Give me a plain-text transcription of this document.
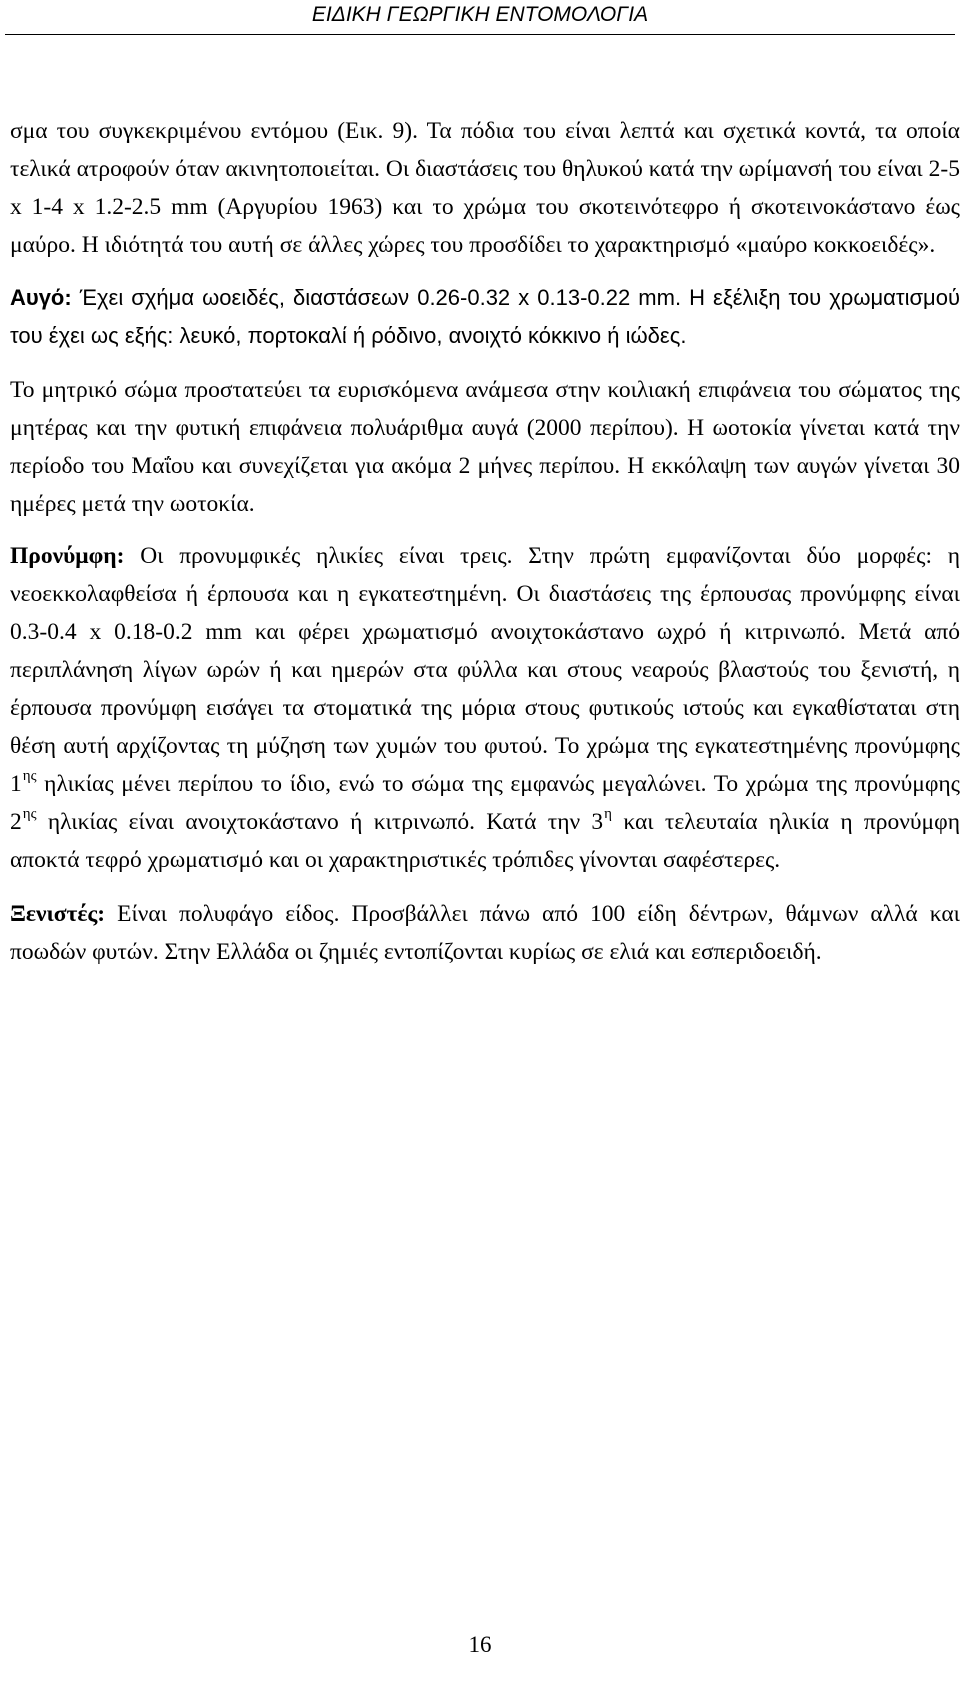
ΕΙΔΙΚΗ ΓΕΩΡΓΙΚΗ ΕΝΤΟΜΟΛΟΓΙΑ

σμα του συγκεκριμένου εντόμου (Εικ. 9). Τα πόδια του είναι λεπτά και σχετικά κοντά, τα οποία τελικά ατροφούν όταν ακινητοποιείται. Οι διαστάσεις του θηλυκού κατά την ωρίμανσή του είναι 2-5 x 1-4 x 1.2-2.5 mm (Αργυρίου 1963) και το χρώμα του σκοτεινότεφρο ή σκοτεινοκάστανο έως μαύρο. Η ιδιότητά του αυτή σε άλλες χώρες του προσδίδει το χαρακτηρισμό «μαύρο κοκκοειδές».

Αυγό: Έχει σχήμα ωοειδές, διαστάσεων 0.26-0.32 x 0.13-0.22 mm. Η εξέλιξη του χρωματισμού του έχει ως εξής: λευκό, πορτοκαλί ή ρόδινο, ανοιχτό κόκκινο ή ιώδες.

Το μητρικό σώμα προστατεύει τα ευρισκόμενα ανάμεσα στην κοιλιακή επιφάνεια του σώματος της μητέρας και την φυτική επιφάνεια πολυάριθμα αυγά (2000 περίπου). Η ωοτοκία γίνεται κατά την περίοδο του Μαΐου και συνεχίζεται για ακόμα 2 μήνες περίπου. Η εκκόλαψη των αυγών γίνεται 30 ημέρες μετά την ωοτοκία.

Προνύμφη: Οι προνυμφικές ηλικίες είναι τρεις. Στην πρώτη εμφανίζονται δύο μορφές: η νεοεκκολαφθείσα ή έρπουσα και η εγκατεστημένη. Οι διαστάσεις της έρπουσας προνύμφης είναι 0.3-0.4 x 0.18-0.2 mm και φέρει χρωματισμό ανοιχτοκάστανο ωχρό ή κιτρινωπό. Μετά από περιπλάνηση λίγων ωρών ή και ημερών στα φύλλα και στους νεαρούς βλαστούς του ξενιστή, η έρπουσα προνύμφη εισάγει τα στοματικά της μόρια στους φυτικούς ιστούς και εγκαθίσταται στη θέση αυτή αρχίζοντας τη μύζηση των χυμών του φυτού. Το χρώμα της εγκατεστημένης προνύμφης $1^{\eta\varsigma}$ ηλικίας μένει περίπου το ίδιο, ενώ το σώμα της εμφανώς μεγαλώνει. Το χρώμα της προνύμφης $2^{\eta\varsigma}$ ηλικίας είναι ανοιχτοκάστανο ή κιτρινωπό. Κατά την $3^\eta$ και τελευταία ηλικία η προνύμφη αποκτά τεφρό χρωματισμό και οι χαρακτηριστικές τρόπιδες γίνονται σαφέστερες.

Ξενιστές: Είναι πολυφάγο είδος. Προσβάλλει πάνω από 100 είδη δέντρων, θάμνων αλλά και ποωδών φυτών. Στην Ελλάδα οι ζημιές εντοπίζονται κυρίως σε ελιά και εσπεριδοειδή.

16
